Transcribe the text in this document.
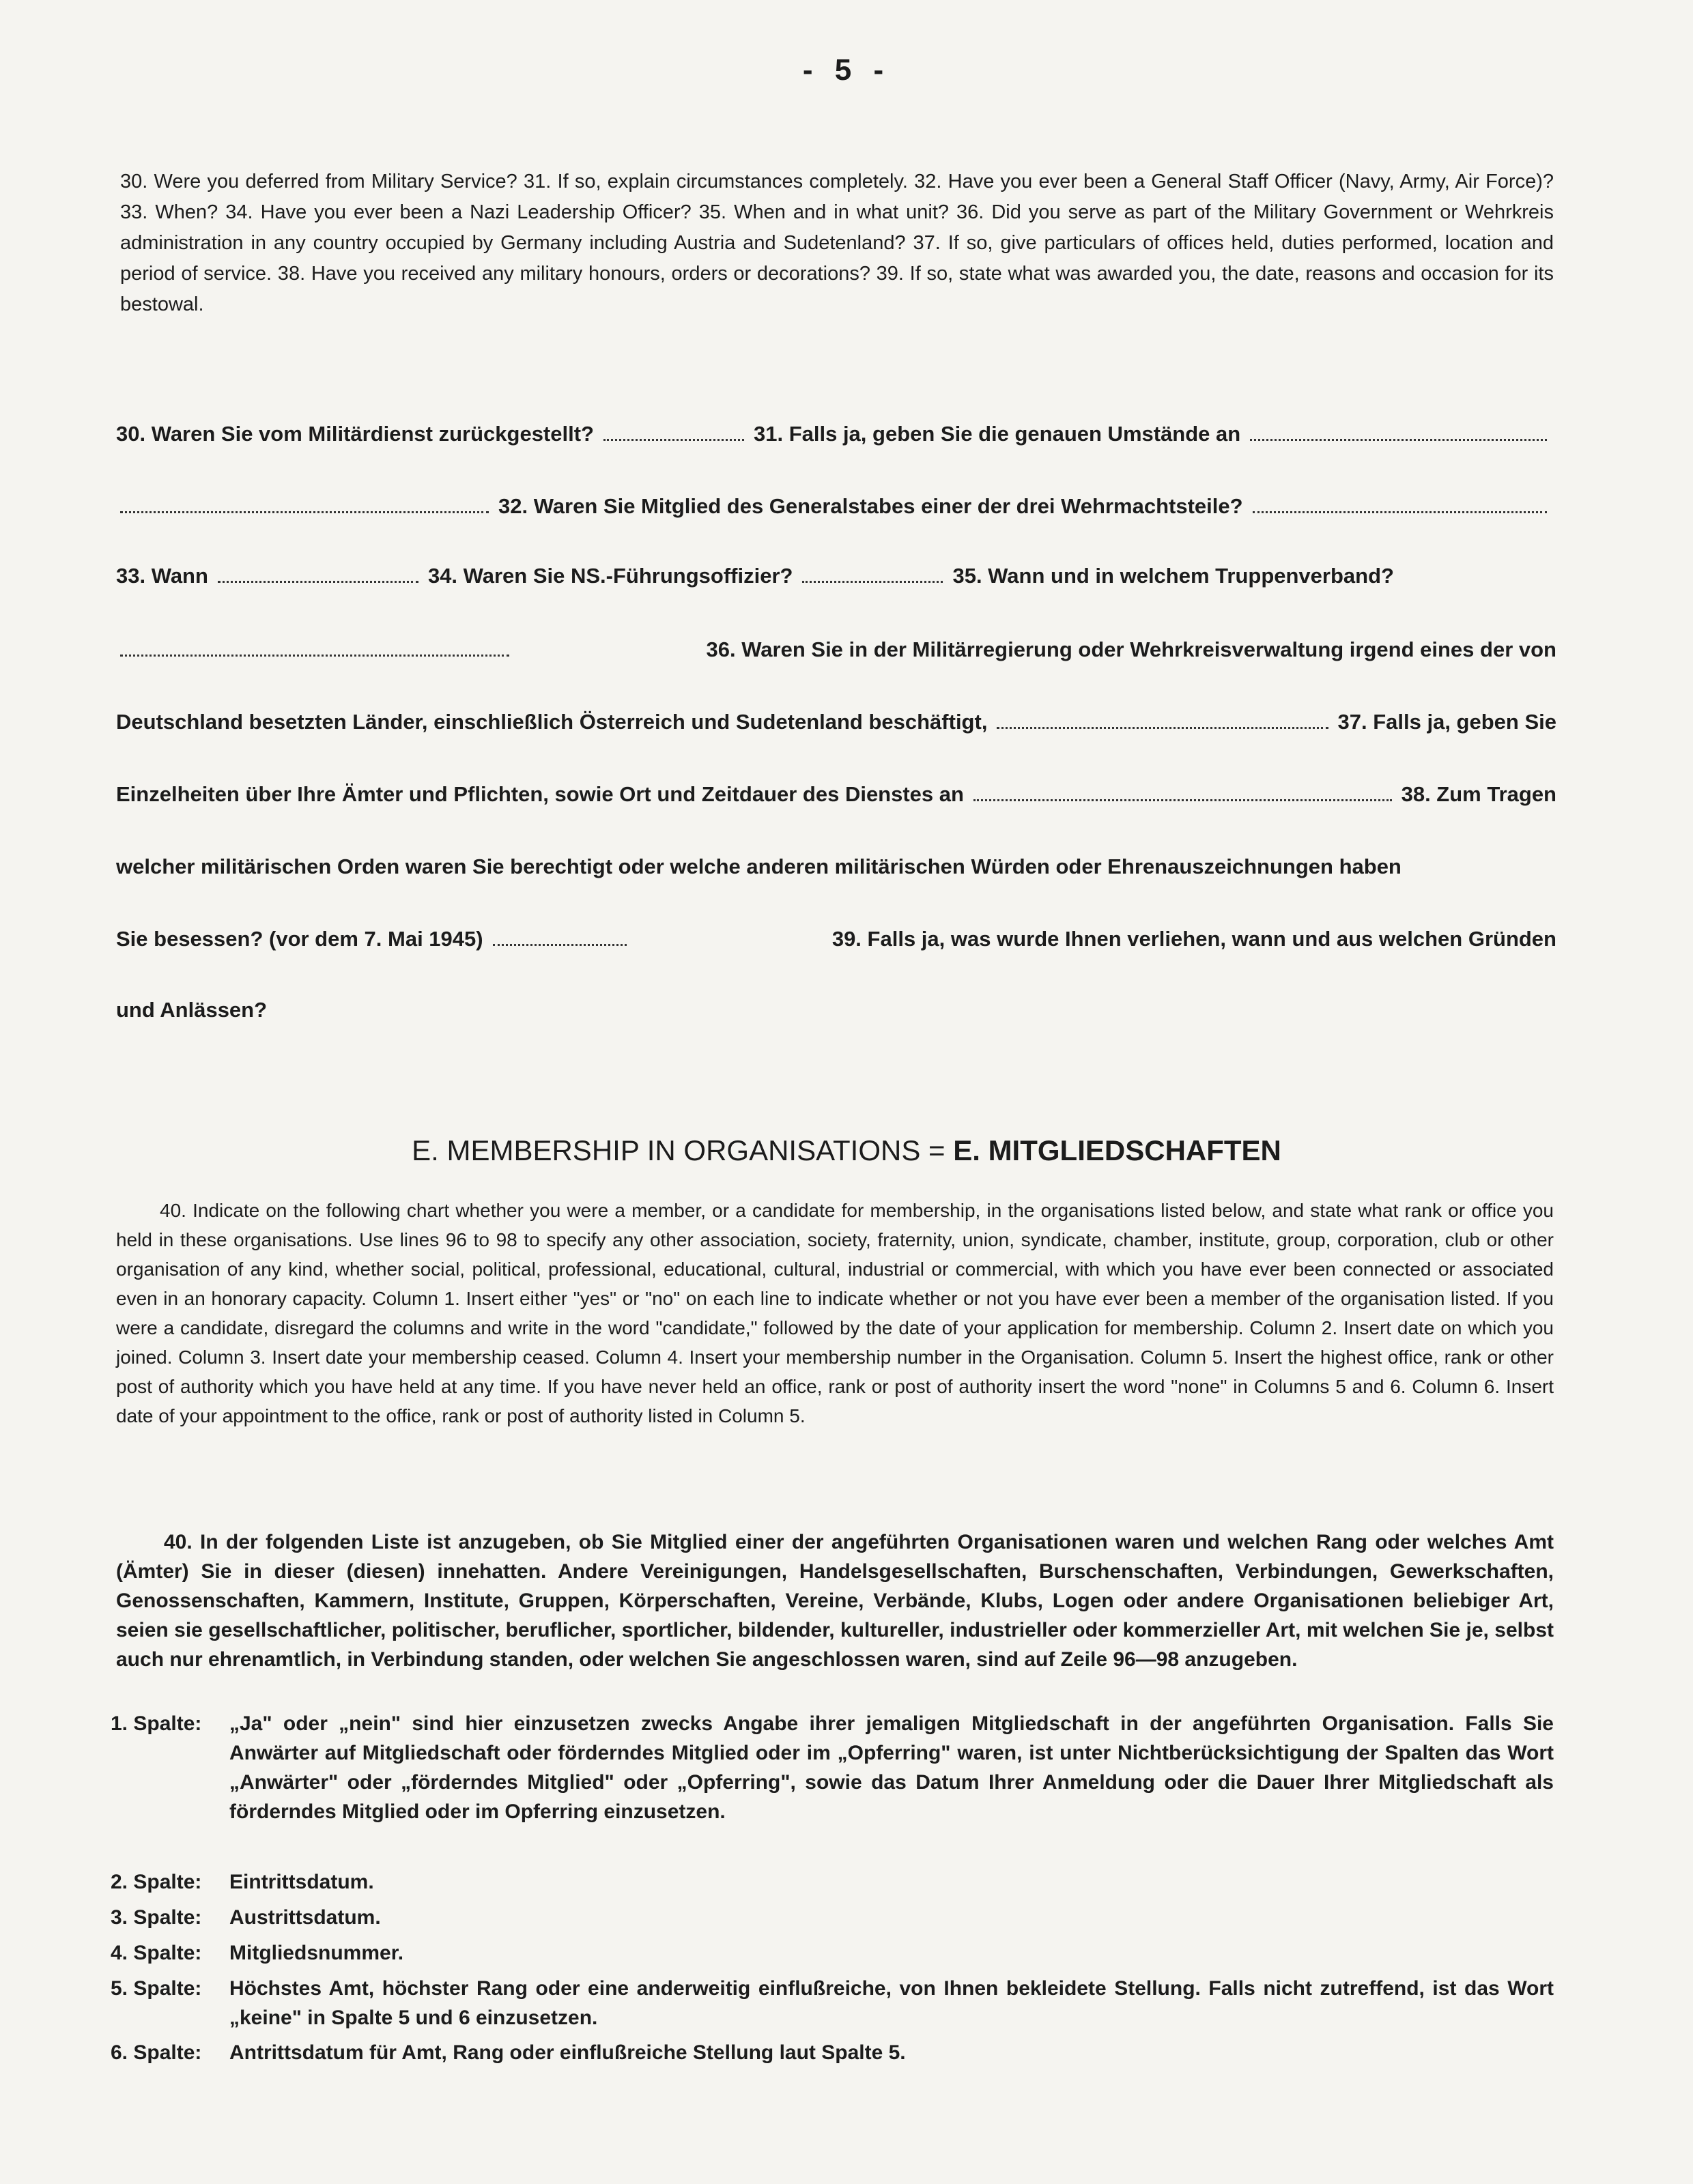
- 5 -
30. Were you deferred from Military Service? 31. If so, explain circumstances completely. 32. Have you ever been a General Staff Officer (Navy, Army, Air Force)? 33. When? 34. Have you ever been a Nazi Leadership Officer? 35. When and in what unit? 36. Did you serve as part of the Military Government or Wehrkreis administration in any country occupied by Germany including Austria and Sudetenland? 37. If so, give particulars of offices held, duties performed, location and period of service. 38. Have you received any military honours, orders or decorations? 39. If so, state what was awarded you, the date, reasons and occasion for its bestowal.
30. Waren Sie vom Militärdienst zurückgestellt?	31. Falls ja, geben Sie die genauen Umstände an
32. Waren Sie Mitglied des Generalstabes einer der drei Wehrmachtsteile?
33. Wann	34. Waren Sie NS.-Führungsoffizier?	35. Wann und in welchem Truppenverband?
36. Waren Sie in der Militärregierung oder Wehrkreisverwaltung irgend eines der von
Deutschland besetzten Länder, einschließlich Österreich und Sudetenland beschäftigt,	37. Falls ja, geben Sie
Einzelheiten über Ihre Ämter und Pflichten, sowie Ort und Zeitdauer des Dienstes an	38. Zum Tragen
welcher militärischen Orden waren Sie berechtigt oder welche anderen militärischen Würden oder Ehrenauszeichnungen haben
Sie besessen? (vor dem 7. Mai 1945)	39. Falls ja, was wurde Ihnen verliehen, wann und aus welchen Gründen
und Anlässen?
E. MEMBERSHIP IN ORGANISATIONS = E. MITGLIEDSCHAFTEN
40. Indicate on the following chart whether you were a member, or a candidate for membership, in the organisations listed below, and state what rank or office you held in these organisations. Use lines 96 to 98 to specify any other association, society, fraternity, union, syndicate, chamber, institute, group, corporation, club or other organisation of any kind, whether social, political, professional, educational, cultural, industrial or commercial, with which you have ever been connected or associated even in an honorary capacity. Column 1. Insert either "yes" or "no" on each line to indicate whether or not you have ever been a member of the organisation listed. If you were a candidate, disregard the columns and write in the word "candidate," followed by the date of your application for membership. Column 2. Insert date on which you joined. Column 3. Insert date your membership ceased. Column 4. Insert your membership number in the Organisation. Column 5. Insert the highest office, rank or other post of authority which you have held at any time. If you have never held an office, rank or post of authority insert the word "none" in Columns 5 and 6. Column 6. Insert date of your appointment to the office, rank or post of authority listed in Column 5.
40. In der folgenden Liste ist anzugeben, ob Sie Mitglied einer der angeführten Organisationen waren und welchen Rang oder welches Amt (Ämter) Sie in dieser (diesen) innehatten. Andere Vereinigungen, Handelsgesellschaften, Burschenschaften, Verbindungen, Gewerkschaften, Genossenschaften, Kammern, Institute, Gruppen, Körperschaften, Vereine, Verbände, Klubs, Logen oder andere Organisationen beliebiger Art, seien sie gesellschaftlicher, politischer, beruflicher, sportlicher, bildender, kultureller, industrieller oder kommerzieller Art, mit welchen Sie je, selbst auch nur ehrenamtlich, in Verbindung standen, oder welchen Sie angeschlossen waren, sind auf Zeile 96—98 anzugeben.
1. Spalte:	„Ja" oder „nein" sind hier einzusetzen zwecks Angabe ihrer jemaligen Mitgliedschaft in der angeführten Organisation. Falls Sie Anwärter auf Mitgliedschaft oder förderndes Mitglied oder im „Opferring" waren, ist unter Nichtberücksichtigung der Spalten das Wort „Anwärter" oder „förderndes Mitglied" oder „Opferring", sowie das Datum Ihrer Anmeldung oder die Dauer Ihrer Mitgliedschaft als förderndes Mitglied oder im Opferring einzusetzen.
2. Spalte:	Eintrittsdatum.
3. Spalte:	Austrittsdatum.
4. Spalte:	Mitgliedsnummer.
5. Spalte:	Höchstes Amt, höchster Rang oder eine anderweitig einflußreiche, von Ihnen bekleidete Stellung. Falls nicht zutreffend, ist das Wort „keine" in Spalte 5 und 6 einzusetzen.
6. Spalte:	Antrittsdatum für Amt, Rang oder einflußreiche Stellung laut Spalte 5.
